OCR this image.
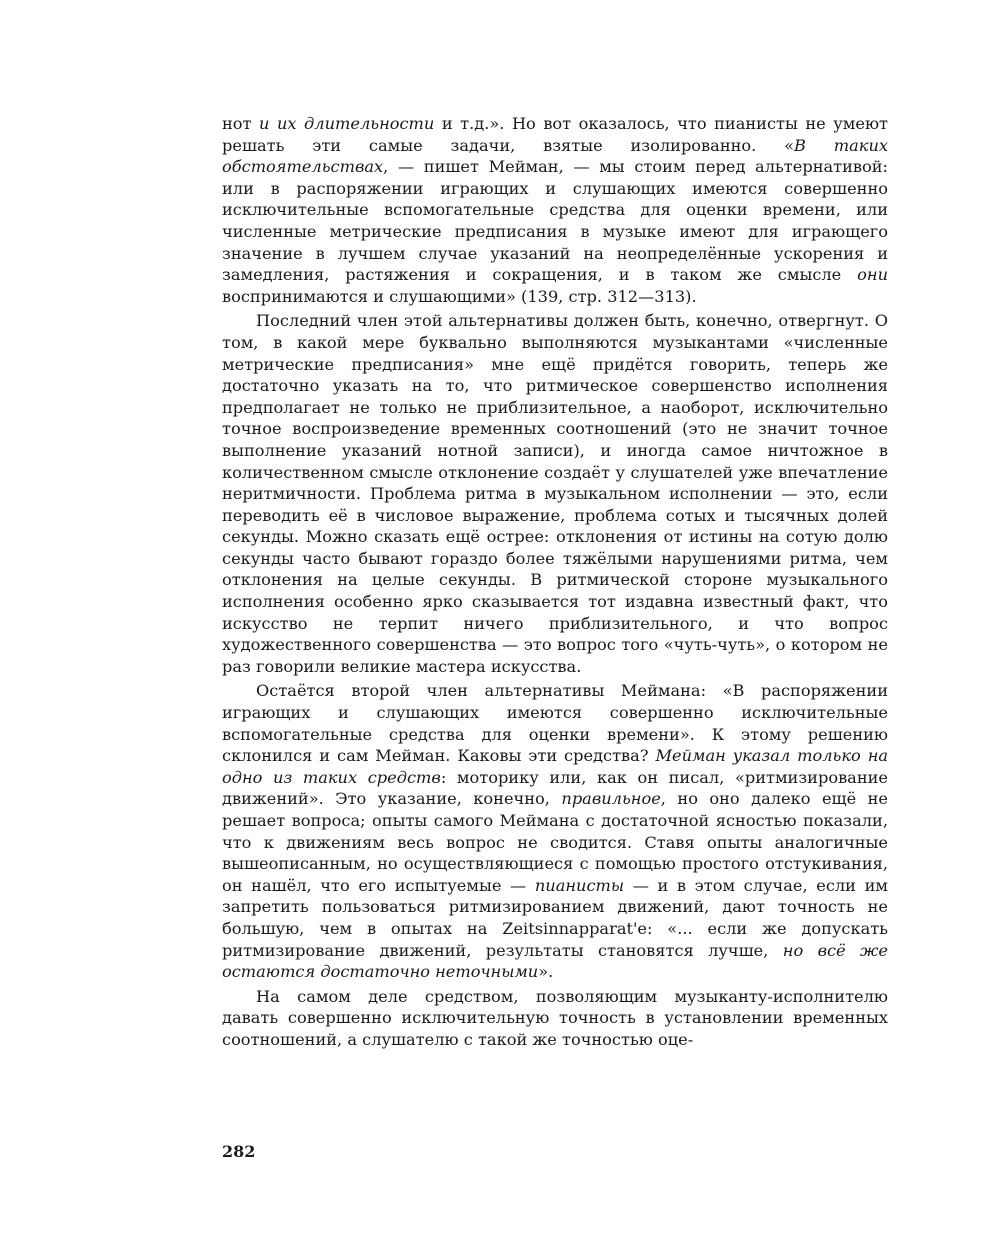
нот и их длительности и т.д.». Но вот оказалось, что пианисты не умеют решать эти самые задачи, взятые изолированно. «В таких обстоятельствах, — пишет Мейман, — мы стоим перед альтернативой: или в распоряжении играющих и слушающих имеются совершенно исключительные вспомогательные средства для оценки времени, или численные метрические предписания в музыке имеют для играющего значение в лучшем случае указаний на неопределённые ускорения и замедления, растяжения и сокращения, и в таком же смысле они воспринимаются и слушающими» (139, стр. 312—313).

Последний член этой альтернативы должен быть, конечно, отвергнут. О том, в какой мере буквально выполняются музыкантами «численные метрические предписания» мне ещё придётся говорить, теперь же достаточно указать на то, что ритмическое совершенство исполнения предполагает не только не приблизительное, а наоборот, исключительно точное воспроизведение временных соотношений (это не значит точное выполнение указаний нотной записи), и иногда самое ничтожное в количественном смысле отклонение создаёт у слушателей уже впечатление неритмичности. Проблема ритма в музыкальном исполнении — это, если переводить её в числовое выражение, проблема сотых и тысячных долей секунды. Можно сказать ещё острее: отклонения от истины на сотую долю секунды часто бывают гораздо более тяжёлыми нарушениями ритма, чем отклонения на целые секунды. В ритмической стороне музыкального исполнения особенно ярко сказывается тот издавна известный факт, что искусство не терпит ничего приблизительного, и что вопрос художественного совершенства — это вопрос того «чуть-чуть», о котором не раз говорили великие мастера искусства.

Остаётся второй член альтернативы Меймана: «В распоряжении играющих и слушающих имеются совершенно исключительные вспомогательные средства для оценки времени». К этому решению склонился и сам Мейман. Каковы эти средства? Мейман указал только на одно из таких средств: моторику или, как он писал, «ритмизирование движений». Это указание, конечно, правильное, но оно далеко ещё не решает вопроса; опыты самого Меймана с достаточной ясностью показали, что к движениям весь вопрос не сводится. Ставя опыты аналогичные вышеописанным, но осуществляющиеся с помощью простого отстукивания, он нашёл, что его испытуемые — пианисты — и в этом случае, если им запретить пользоваться ритмизированием движений, дают точность не большую, чем в опытах на Zeitsinnapparat'е: «... если же допускать ритмизирование движений, результаты становятся лучше, но всё же остаются достаточно неточными».

На самом деле средством, позволяющим музыканту-исполнителю давать совершенно исключительную точность в установлении временных соотношений, а слушателю с такой же точностью оце-

282
